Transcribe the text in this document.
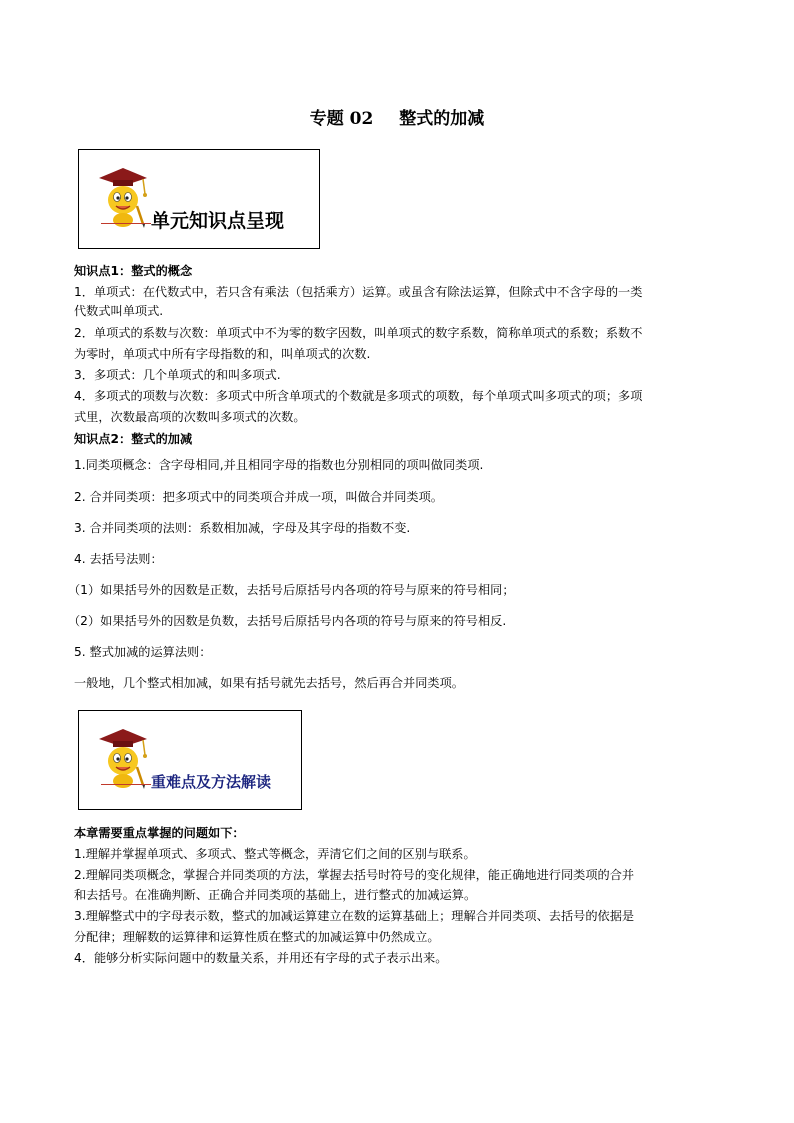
专题 02 整式的加减
单元知识点呈现
知识点1：整式的概念
1．单项式：在代数式中，若只含有乘法（包括乘方）运算。或虽含有除法运算，但除式中不含字母的一类
代数式叫单项式.
2．单项式的系数与次数：单项式中不为零的数字因数，叫单项式的数字系数，简称单项式的系数；系数不
为零时，单项式中所有字母指数的和，叫单项式的次数.
3．多项式：几个单项式的和叫多项式.
4．多项式的项数与次数：多项式中所含单项式的个数就是多项式的项数，每个单项式叫多项式的项；多项
式里，次数最高项的次数叫多项式的次数。
知识点2：整式的加减
1.同类项概念：含字母相同,并且相同字母的指数也分别相同的项叫做同类项.
2. 合并同类项：把多项式中的同类项合并成一项，叫做合并同类项。
3. 合并同类项的法则：系数相加减，字母及其字母的指数不变.
4. 去括号法则：
（1）如果括号外的因数是正数，去括号后原括号内各项的符号与原来的符号相同；
（2）如果括号外的因数是负数，去括号后原括号内各项的符号与原来的符号相反.
5. 整式加减的运算法则：
一般地，几个整式相加减，如果有括号就先去括号，然后再合并同类项。
重难点及方法解读
本章需要重点掌握的问题如下：
1.理解并掌握单项式、多项式、整式等概念，弄清它们之间的区别与联系。
2.理解同类项概念，掌握合并同类项的方法，掌握去括号时符号的变化规律，能正确地进行同类项的合并
和去括号。在准确判断、正确合并同类项的基础上，进行整式的加减运算。
3.理解整式中的字母表示数，整式的加减运算建立在数的运算基础上；理解合并同类项、去括号的依据是
分配律；理解数的运算律和运算性质在整式的加减运算中仍然成立。
4．能够分析实际问题中的数量关系，并用还有字母的式子表示出来。
